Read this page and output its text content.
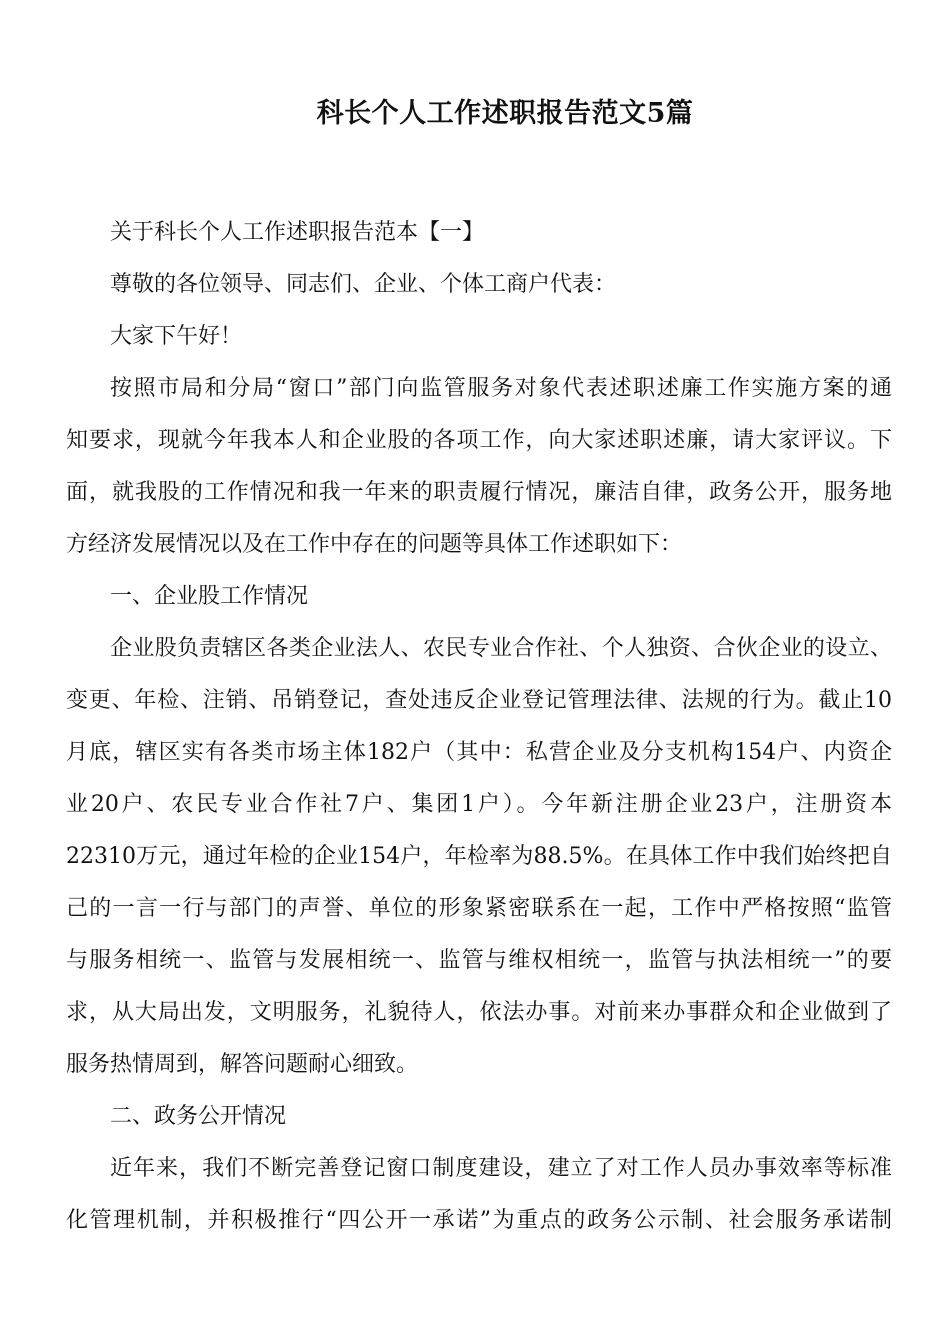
科长个人工作述职报告范文5篇

关于科长个人工作述职报告范本【一】

尊敬的各位领导、同志们、企业、个体工商户代表：

大家下午好！

按照市局和分局“窗口”部门向监管服务对象代表述职述廉工作实施方案的通

知要求，现就今年我本人和企业股的各项工作，向大家述职述廉，请大家评议。下

面，就我股的工作情况和我一年来的职责履行情况，廉洁自律，政务公开，服务地

方经济发展情况以及在工作中存在的问题等具体工作述职如下：

一、企业股工作情况

企业股负责辖区各类企业法人、农民专业合作社、个人独资、合伙企业的设立、

变更、年检、注销、吊销登记，查处违反企业登记管理法律、法规的行为。截止10

月底，辖区实有各类市场主体182户（其中：私营企业及分支机构154户、内资企

业20户、农民专业合作社7户、集团1户）。今年新注册企业23户，注册资本

22310万元，通过年检的企业154户，年检率为88.5%。在具体工作中我们始终把自

己的一言一行与部门的声誉、单位的形象紧密联系在一起，工作中严格按照“监管

与服务相统一、监管与发展相统一、监管与维权相统一，监管与执法相统一”的要

求，从大局出发，文明服务，礼貌待人，依法办事。对前来办事群众和企业做到了

服务热情周到，解答问题耐心细致。

二、政务公开情况

近年来，我们不断完善登记窗口制度建设，建立了对工作人员办事效率等标准

化管理机制，并积极推行“四公开一承诺”为重点的政务公示制、社会服务承诺制
